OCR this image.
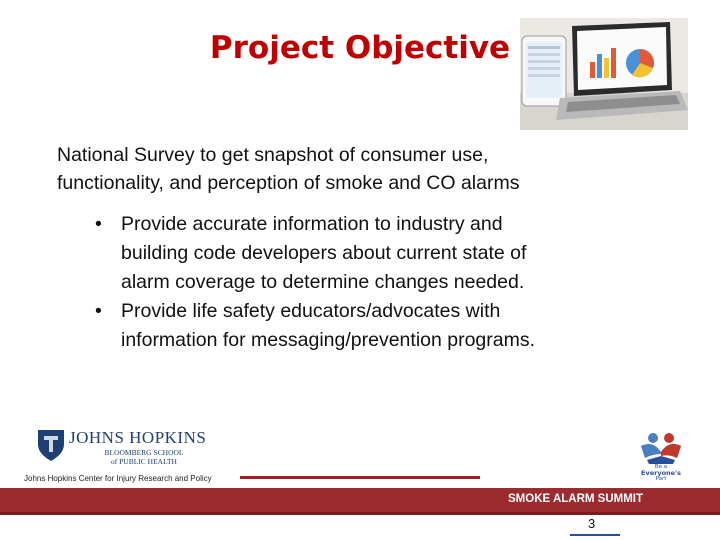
Project Objective
National Survey to get snapshot of consumer use,
functionality, and perception of smoke and CO alarms
• Provide accurate information to industry and
building code developers about current state of
alarm coverage to determine changes needed.
• Provide life safety educators/advocates with
information for messaging/prevention programs.
JOHNS HOPKINS
BLOOMBERG SCHOOL
of PUBLIC HEALTH
Johns Hopkins Center for Injury Research and Policy
Be a
Everyone's
Part
SMOKE ALARM SUMMIT
3
